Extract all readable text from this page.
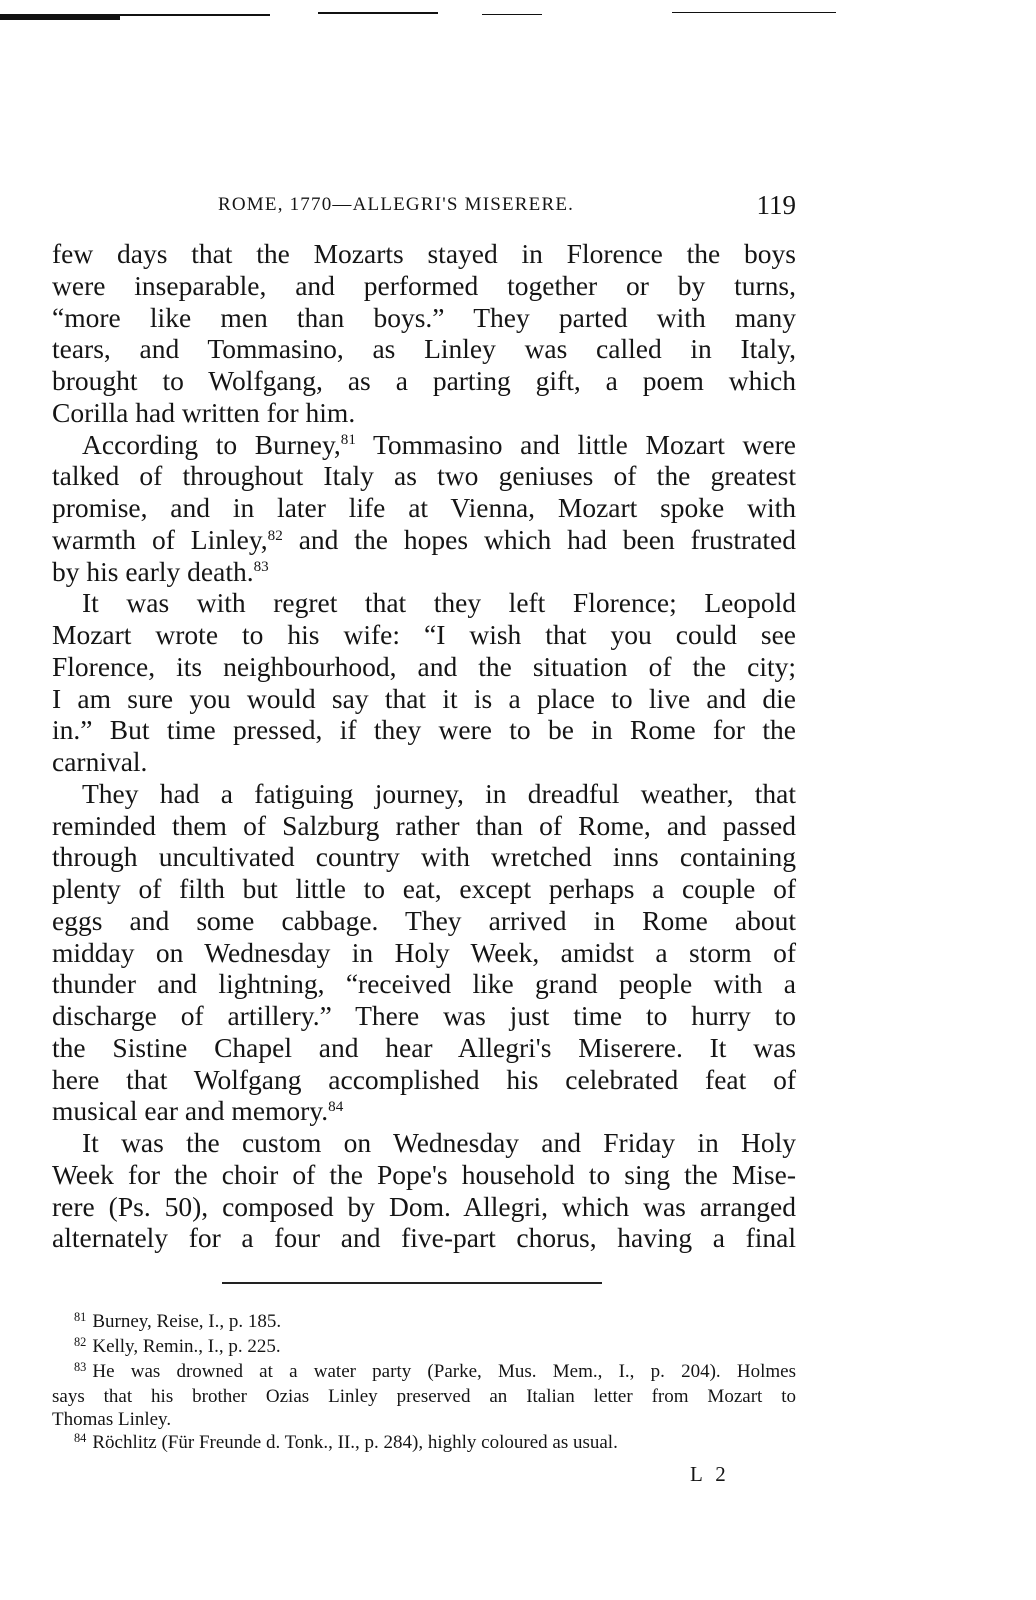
ROME, 1770—ALLEGRI'S MISERERE.	119
few days that the Mozarts stayed in Florence the boys
were inseparable, and performed together or by turns,
“more like men than boys.” They parted with many
tears, and Tommasino, as Linley was called in Italy,
brought to Wolfgang, as a parting gift, a poem which
Corilla had written for him.
According to Burney,$^{81}$ Tommasino and little Mozart were
talked of throughout Italy as two geniuses of the greatest
promise, and in later life at Vienna, Mozart spoke with
warmth of Linley,$^{82}$ and the hopes which had been frustrated
by his early death.$^{83}$
It was with regret that they left Florence; Leopold
Mozart wrote to his wife: “I wish that you could see
Florence, its neighbourhood, and the situation of the city;
I am sure you would say that it is a place to live and die
in.” But time pressed, if they were to be in Rome for the
carnival.
They had a fatiguing journey, in dreadful weather, that
reminded them of Salzburg rather than of Rome, and passed
through uncultivated country with wretched inns containing
plenty of filth but little to eat, except perhaps a couple of
eggs and some cabbage. They arrived in Rome about
midday on Wednesday in Holy Week, amidst a storm of
thunder and lightning, “received like grand people with a
discharge of artillery.” There was just time to hurry to
the Sistine Chapel and hear Allegri's Miserere. It was
here that Wolfgang accomplished his celebrated feat of
musical ear and memory.$^{84}$
It was the custom on Wednesday and Friday in Holy
Week for the choir of the Pope's household to sing the Mise-
rere (Ps. 50), composed by Dom. Allegri, which was arranged
alternately for a four and five-part chorus, having a final
$^{81}$ Burney, Reise, I., p. 185.
$^{82}$ Kelly, Remin., I., p. 225.
$^{83}$ He was drowned at a water party (Parke, Mus. Mem., I., p. 204). Holmes
says that his brother Ozias Linley preserved an Italian letter from Mozart to
Thomas Linley.
$^{84}$ Röchlitz (Für Freunde d. Tonk., II., p. 284), highly coloured as usual.
L 2
